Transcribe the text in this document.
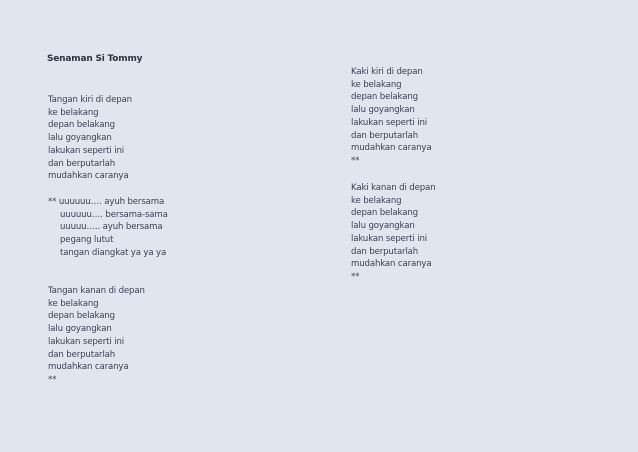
Senaman Si Tommy
Tangan kiri di depan
ke belakang
depan belakang
lalu goyangkan
lakukan seperti ini
dan berputarlah
mudahkan caranya
** uuuuuu…. ayuh bersama
uuuuuu…. bersama-sama
uuuuu….. ayuh bersama
pegang lutut
tangan diangkat ya ya ya
Tangan kanan di depan
ke belakang
depan belakang
lalu goyangkan
lakukan seperti ini
dan berputarlah
mudahkan caranya
**
Kaki kiri di depan
ke belakang
depan belakang
lalu goyangkan
lakukan seperti ini
dan berputarlah
mudahkan caranya
**
Kaki kanan di depan
ke belakang
depan belakang
lalu goyangkan
lakukan seperti ini
dan berputarlah
mudahkan caranya
**
